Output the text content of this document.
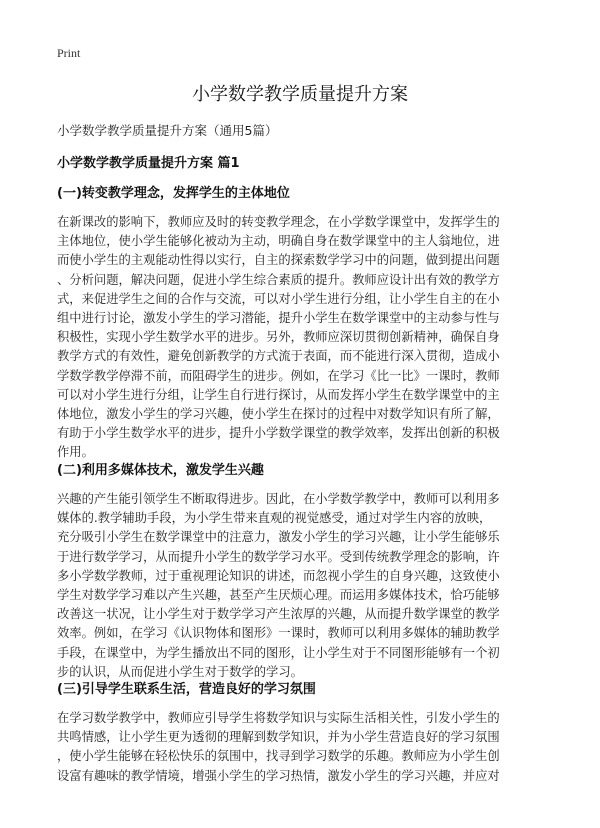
Print
小学数学教学质量提升方案
小学数学教学质量提升方案（通用5篇）
小学数学教学质量提升方案 篇1
(一)转变教学理念，发挥学生的主体地位
在新课改的影响下，教师应及时的转变教学理念，在小学数学课堂中，发挥学生的
主体地位，使小学生能够化被动为主动，明确自身在数学课堂中的主人翁地位，进
而使小学生的主观能动性得以实行，自主的探索数学学习中的问题，做到提出问题
、分析问题，解决问题，促进小学生综合素质的提升。教师应设计出有效的教学方
式，来促进学生之间的合作与交流，可以对小学生进行分组，让小学生自主的在小
组中进行讨论，激发小学生的学习潜能，提升小学生在数学课堂中的主动参与性与
积极性，实现小学生数学水平的进步。另外，教师应深切贯彻创新精神，确保自身
教学方式的有效性，避免创新教学的方式流于表面，而不能进行深入贯彻，造成小
学数学教学停滞不前，而阻碍学生的进步。例如，在学习《比一比》一课时，教师
可以对小学生进行分组，让学生自行进行探讨，从而发挥小学生在数学课堂中的主
体地位，激发小学生的学习兴趣，使小学生在探讨的过程中对数学知识有所了解，
有助于小学生数学水平的进步，提升小学数学课堂的教学效率，发挥出创新的积极
作用。
(二)利用多媒体技术，激发学生兴趣
兴趣的产生能引领学生不断取得进步。因此，在小学数学教学中，教师可以利用多
媒体的.教学辅助手段，为小学生带来直观的视觉感受，通过对学生内容的放映，
充分吸引小学生在数学课堂中的注意力，激发小学生的学习兴趣，让小学生能够乐
于进行数学学习，从而提升小学生的数学学习水平。受到传统教学理念的影响，许
多小学数学教师，过于重视理论知识的讲述，而忽视小学生的自身兴趣，这致使小
学生对数学学习难以产生兴趣，甚至产生厌烦心理。而运用多媒体技术，恰巧能够
改善这一状况，让小学生对于数学学习产生浓厚的兴趣，从而提升数学课堂的教学
效率。例如，在学习《认识物体和图形》一课时，教师可以利用多媒体的辅助教学
手段，在课堂中，为学生播放出不同的图形，让小学生对于不同图形能够有一个初
步的认识，从而促进小学生对于数学的学习。
(三)引导学生联系生活，营造良好的学习氛围
在学习数学教学中，教师应引导学生将数学知识与实际生活相关性，引发小学生的
共鸣情感，让小学生更为透彻的理解到数学知识，并为小学生营造良好的学习氛围
，使小学生能够在轻松快乐的氛围中，找寻到学习数学的乐趣。教师应为小学生创
设富有趣味的教学情境，增强小学生的学习热情，激发小学生的学习兴趣，并应对
